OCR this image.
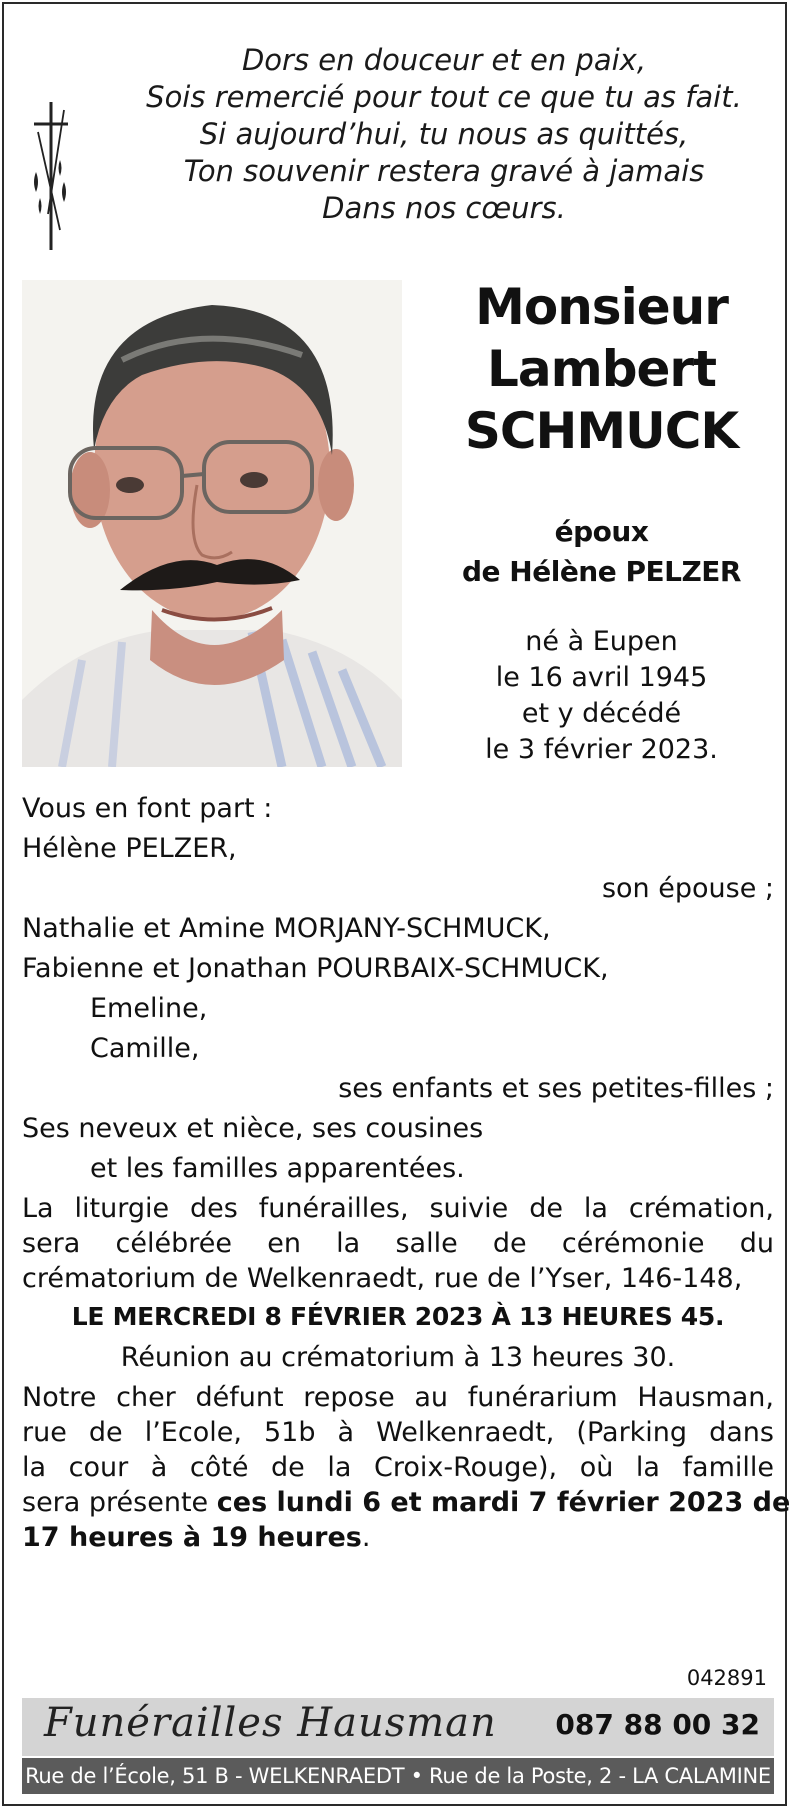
Dors en douceur et en paix,
Sois remercié pour tout ce que tu as fait.
Si aujourd’hui, tu nous as quittés,
Ton souvenir restera gravé à jamais
Dans nos cœurs.
Monsieur
Lambert
SCHMUCK
époux
de Hélène PELZER
né à Eupen
le 16 avril 1945
et y décédé
le 3 février 2023.
Vous en font part :
Hélène PELZER,
son épouse ;
Nathalie et Amine MORJANY-SCHMUCK,
Fabienne et Jonathan POURBAIX-SCHMUCK,
Emeline,
Camille,
ses enfants et ses petites-filles ;
Ses neveux et nièce, ses cousines
et les familles apparentées.
La liturgie des funérailles, suivie de la crémation,
sera célébrée en la salle de cérémonie du
crématorium de Welkenraedt, rue de l’Yser, 146-148,
LE MERCREDI 8 FÉVRIER 2023 À 13 HEURES 45.
Réunion au crématorium à 13 heures 30.
Notre cher défunt repose au funérarium Hausman,
rue de l’Ecole, 51b à Welkenraedt, (Parking dans
la cour à côté de la Croix-Rouge), où la famille
sera présente ces lundi 6 et mardi 7 février 2023 de
17 heures à 19 heures.
042891
Funérailles Hausman 087 88 00 32
Rue de l’École, 51 B - WELKENRAEDT • Rue de la Poste, 2 - LA CALAMINE
